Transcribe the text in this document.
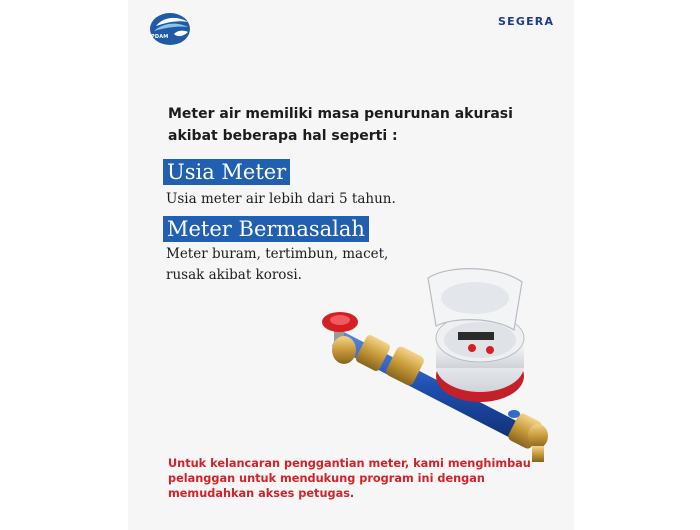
PDAM
SEGERA
Meter air memiliki masa penurunan akurasi
akibat beberapa hal seperti :
Usia Meter
Usia meter air lebih dari 5 tahun.
Meter Bermasalah
Meter buram, tertimbun, macet,
rusak akibat korosi.
Untuk kelancaran penggantian meter, kami menghimbau
pelanggan untuk mendukung program ini dengan
memudahkan akses petugas.
